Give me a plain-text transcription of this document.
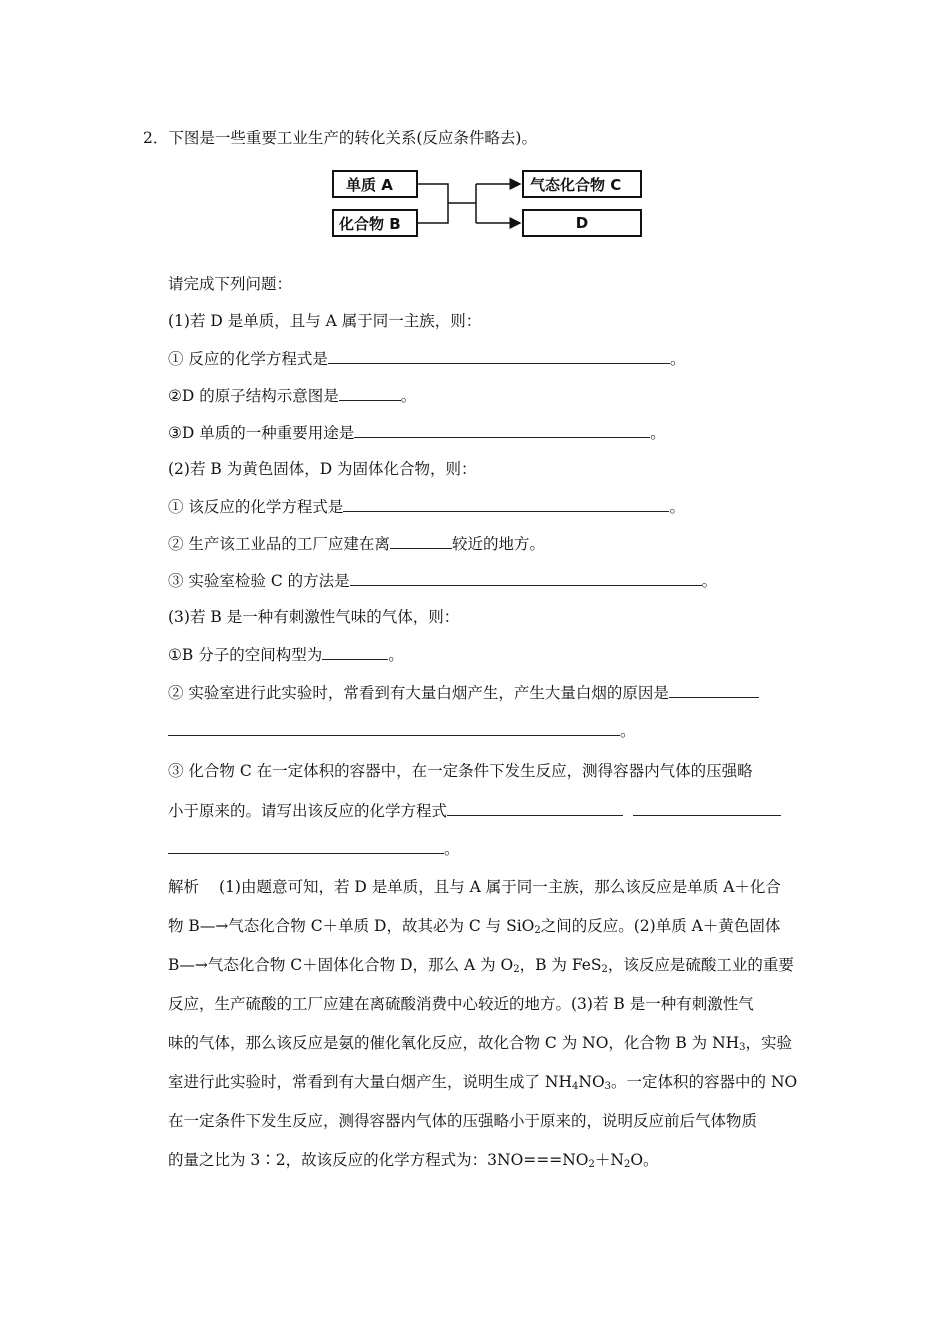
2．下图是一些重要工业生产的转化关系(反应条件略去)。
单质 A
化合物 B
气态化合物 C
D
请完成下列问题：
(1)若 D 是单质，且与 A 属于同一主族，则：
① 反应的化学方程式是	。
②D 的原子结构示意图是	。
③D 单质的一种重要用途是	。
(2)若 B 为黄色固体，D 为固体化合物，则：
① 该反应的化学方程式是	。
② 生产该工业品的工厂应建在离	较近的地方。
③ 实验室检验 C 的方法是	。
(3)若 B 是一种有刺激性气味的气体，则：
①B 分子的空间构型为	。
② 实验室进行此实验时，常看到有大量白烟产生，产生大量白烟的原因是
。
③ 化合物 C 在一定体积的容器中，在一定条件下发生反应，测得容器内气体的压强略
小于原来的。请写出该反应的化学方程式
。
解析 (1)由题意可知，若 D 是单质，且与 A 属于同一主族，那么该反应是单质 A＋化合
物 B—→气态化合物 C＋单质 D，故其必为 C 与 SiO$_2$之间的反应。(2)单质 A＋黄色固体
B—→气态化合物 C＋固体化合物 D，那么 A 为 $O_2$，B 为 FeS$_2$，该反应是硫酸工业的重要
反应，生产硫酸的工厂应建在离硫酸消费中心较近的地方。(3)若 B 是一种有刺激性气
味的气体，那么该反应是氨的催化氧化反应，故化合物 C 为 NO，化合物 B 为 $NH_3$，实验
室进行此实验时，常看到有大量白烟产生，说明生成了 $NH_4NO_3$。一定体积的容器中的 NO
在一定条件下发生反应，测得容器内气体的压强略小于原来的，说明反应前后气体物质
的量之比为 3∶2，故该反应的化学方程式为：$3NO===NO_2+N_2O$。
